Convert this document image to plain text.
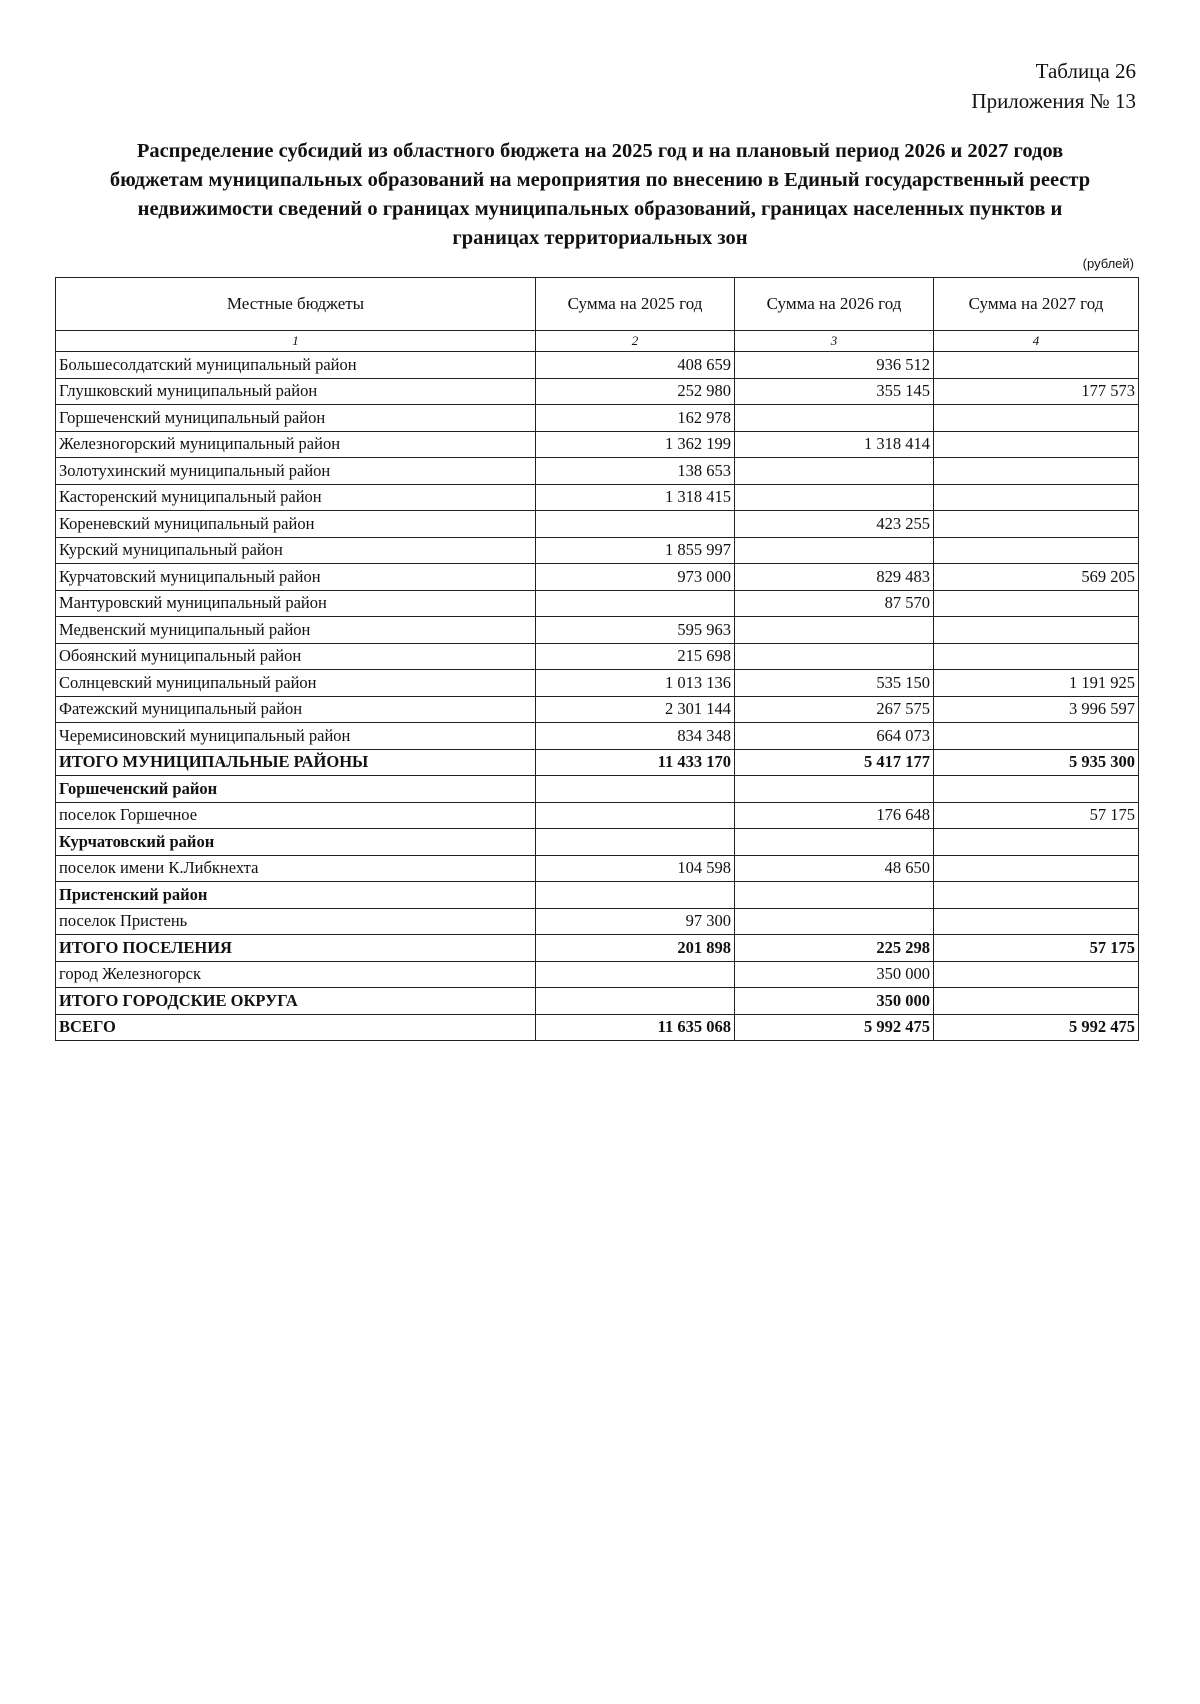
Таблица 26
Приложения № 13
Распределение субсидий из областного бюджета на 2025 год и на плановый период 2026 и 2027 годов
бюджетам муниципальных образований на мероприятия по внесению в Единый государственный реестр
недвижимости сведений о границах муниципальных образований, границах населенных пунктов и
границах территориальных зон
(рублей)
Местные бюджеты	Сумма на 2025 год	Сумма на 2026 год	Сумма на 2027 год
1	2	3	4
Большесолдатский муниципальный район	408 659	936 512	
Глушковский муниципальный район	252 980	355 145	177 573
Горшеченский муниципальный район	162 978		
Железногорский муниципальный район	1 362 199	1 318 414	
Золотухинский муниципальный район	138 653		
Касторенский муниципальный район	1 318 415		
Кореневский муниципальный район		423 255	
Курский муниципальный район	1 855 997		
Курчатовский муниципальный район	973 000	829 483	569 205
Мантуровский муниципальный район		87 570	
Медвенский муниципальный район	595 963		
Обоянский муниципальный район	215 698		
Солнцевский муниципальный район	1 013 136	535 150	1 191 925
Фатежский муниципальный район	2 301 144	267 575	3 996 597
Черемисиновский муниципальный район	834 348	664 073	
ИТОГО МУНИЦИПАЛЬНЫЕ РАЙОНЫ	11 433 170	5 417 177	5 935 300
Горшеченский район			
поселок Горшечное		176 648	57 175
Курчатовский район			
поселок имени К.Либкнехта	104 598	48 650	
Пристенский район			
поселок Пристень	97 300		
ИТОГО ПОСЕЛЕНИЯ	201 898	225 298	57 175
город Железногорск		350 000	
ИТОГО ГОРОДСКИЕ ОКРУГА		350 000	
ВСЕГО	11 635 068	5 992 475	5 992 475
